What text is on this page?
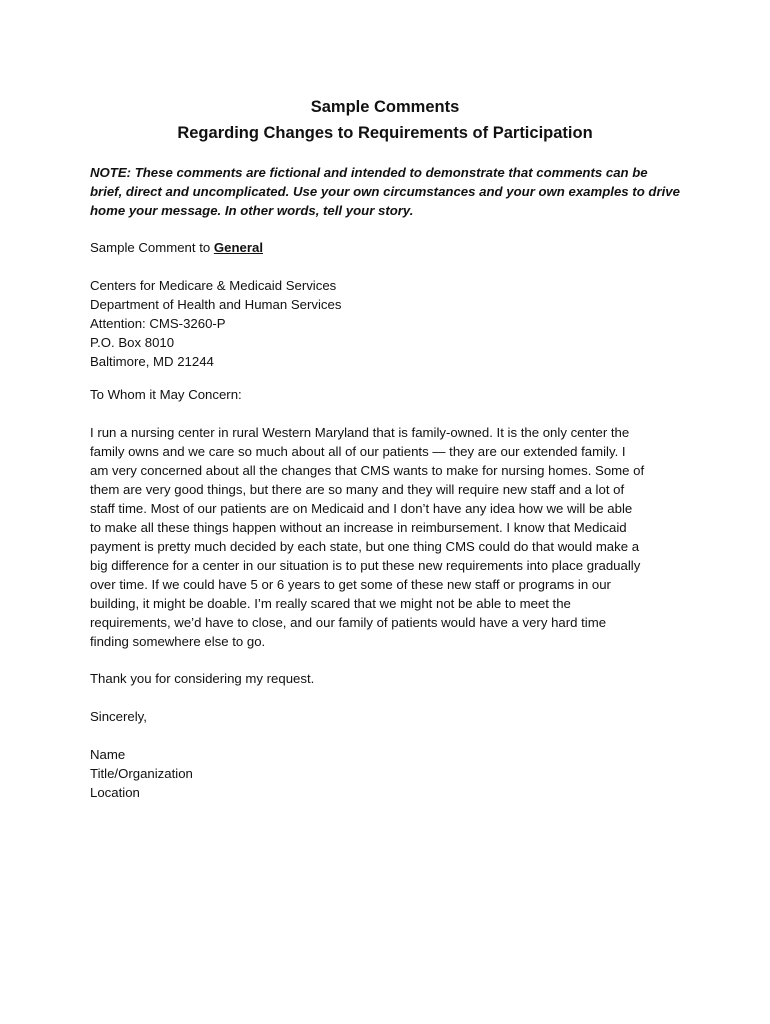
Sample Comments
Regarding Changes to Requirements of Participation
NOTE: These comments are fictional and intended to demonstrate that comments can be
brief, direct and uncomplicated. Use your own circumstances and your own examples to drive
home your message. In other words, tell your story.
Sample Comment to General
Centers for Medicare & Medicaid Services
Department of Health and Human Services
Attention: CMS-3260-P
P.O. Box 8010
Baltimore, MD 21244
To Whom it May Concern:
I run a nursing center in rural Western Maryland that is family-owned. It is the only center the
family owns and we care so much about all of our patients — they are our extended family. I
am very concerned about all the changes that CMS wants to make for nursing homes. Some of
them are very good things, but there are so many and they will require new staff and a lot of
staff time. Most of our patients are on Medicaid and I don’t have any idea how we will be able
to make all these things happen without an increase in reimbursement. I know that Medicaid
payment is pretty much decided by each state, but one thing CMS could do that would make a
big difference for a center in our situation is to put these new requirements into place gradually
over time. If we could have 5 or 6 years to get some of these new staff or programs in our
building, it might be doable. I’m really scared that we might not be able to meet the
requirements, we’d have to close, and our family of patients would have a very hard time
finding somewhere else to go.
Thank you for considering my request.
Sincerely,
Name
Title/Organization
Location
